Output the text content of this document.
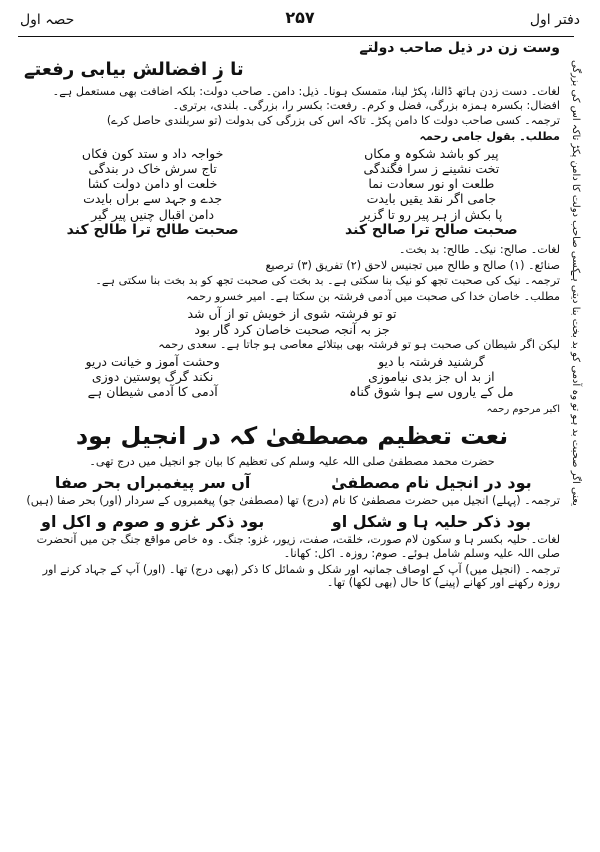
دفتر اول
۲۵۷
حصہ اول
وست زن در ذیل صاحب دولتے
تا زِ افضالش بیابی رفعتے

لغات۔ دست زدن ہاتھ ڈالنا، پکڑ لینا، متمسک ہونا۔ ذیل: دامن۔ صاحب دولت: بلکہ اضافت بھی مستعمل ہے۔ افضال: بکسرہ ہمزہ بزرگی، فضل و کرم۔ رفعت: بکسر را، بزرگی۔ بلندی، برتری۔

ترجمہ۔ کسی صاحب دولت کا دامن پکڑ۔ تاکہ اس کی بزرگی کی بدولت (تو سربلندی حاصل کرے)

مطلب۔ بقول جامی رحمہ

پیر کو باشد شکوہ و مکاں
خواجہ داد و ستد کون فکاں
تخت نشینے ز سرا فگندگی
تاج سرش خاک در بندگی
طلعت او نور سعادت نما
خلعت او دامن دولت کشا
جامی اگر نقد یقیں بایدت
جدے و جہد سے براں بایدت
پا بکش از ہر پیر رو تا گزیر
دامن اقبال چنیں پیر گیر
صحبت صالح ترا صالح کند
صحبت طالح ترا طالح کند

لغات۔ صالح: نیک۔ طالح: بد بخت۔

صنائع۔ (۱) صالح و طالح میں تجنیس لاحق (۲) تفریق (۳) ترصیع

ترجمہ۔ نیک کی صحبت تجھ کو نیک بنا سکتی ہے۔ بد بخت کی صحبت تجھ کو بد بخت بنا سکتی ہے۔

مطلب۔ خاصان خدا کی صحبت میں آدمی فرشتہ بن سکتا ہے۔ امیر خسرو رحمہ

تو تو فرشتہ شوی از خویش تو از آں شد
جز بہ آنجہ صحبت خاصان کرد گار بود

لیکن اگر شیطان کی صحبت ہو تو فرشتہ بھی بیتلائے معاصی ہو جاتا ہے۔ سعدی رحمہ

گرشنید فرشتہ با دیو
وحشت آموز و خیانت دریو
از بد اں جز بدی نیاموزی
نکند گرگ پوستین دوزی
مل کے یاروں سے ہوا شوق گناہ
آدمی کا آدمی شیطان ہے

اکبر مرحوم رحمہ

نعت تعظیم مصطفیٰ کہ در انجیل بود

حضرت محمد مصطفیٰ صلی اللہ علیہ وسلم کی تعظیم کا بیان جو انجیل میں درج تھی۔

بود در انجیل نام مصطفیٰ
آں سر پیغمبراں بحر صفا

ترجمہ۔ (پہلے) انجیل میں حضرت مصطفیٰ کا نام (درج) تھا (مصطفیٰ جو) پیغمبروں کے سردار (اور) بحر صفا (ہیں)

بود ذکر حلیہ ہا و شکل او
بود ذکر غزو و صوم و اکل او

لغات۔ حلیہ بکسر ہا و سکون لام صورت، خلقت، صفت، زیور، غزو: جنگ۔ وہ خاص مواقع جنگ جن میں آنحضرت صلی اللہ علیہ وسلم شامل ہوئے۔ صوم: روزہ۔ اکل: کھانا۔

ترجمہ۔ (انجیل میں) آپ کے اوصاف جمانیہ اور شکل و شمائل کا ذکر (بھی درج) تھا۔ (اور) آپ کے جہاد کرنے اور روزہ رکھنے اور کھانے (پینے) کا حال (بھی لکھا) تھا۔

کسی صاحب دولت کا دامن پکڑ تاکہ اس کی بزرگی
یعنی اگر صحبت بد ہو تو وہ آدمی کو بد بخت بنا دیتی ہے
